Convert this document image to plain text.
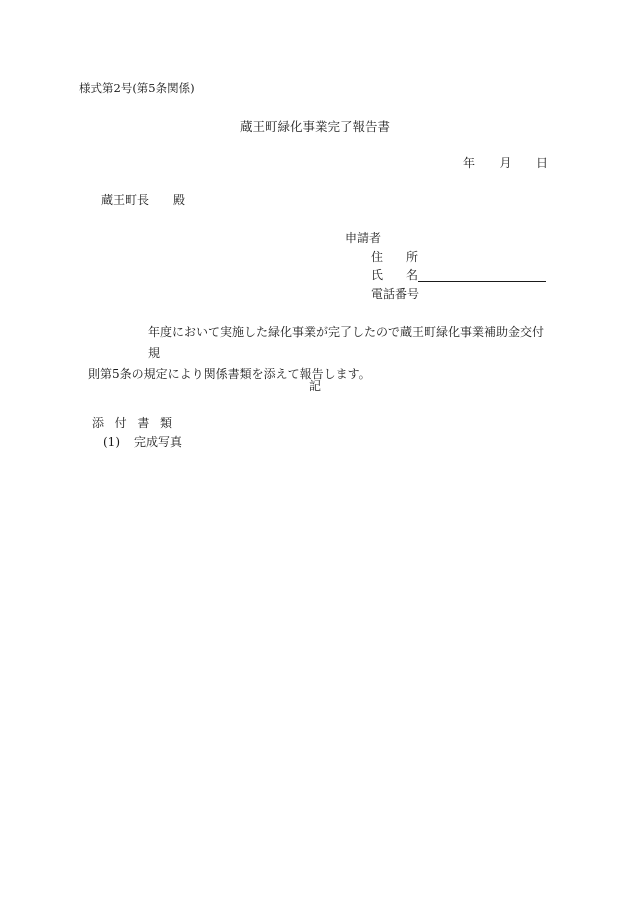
様式第2号(第5条関係)
蔵王町緑化事業完了報告書
年 月 日
蔵王町長 殿
申請者
住 所
氏 名
電話番号

年度において実施した緑化事業が完了したので蔵王町緑化事業補助金交付規

則第5条の規定により関係書類を添えて報告します。

記
添 付 書 類
(1) 完成写真
